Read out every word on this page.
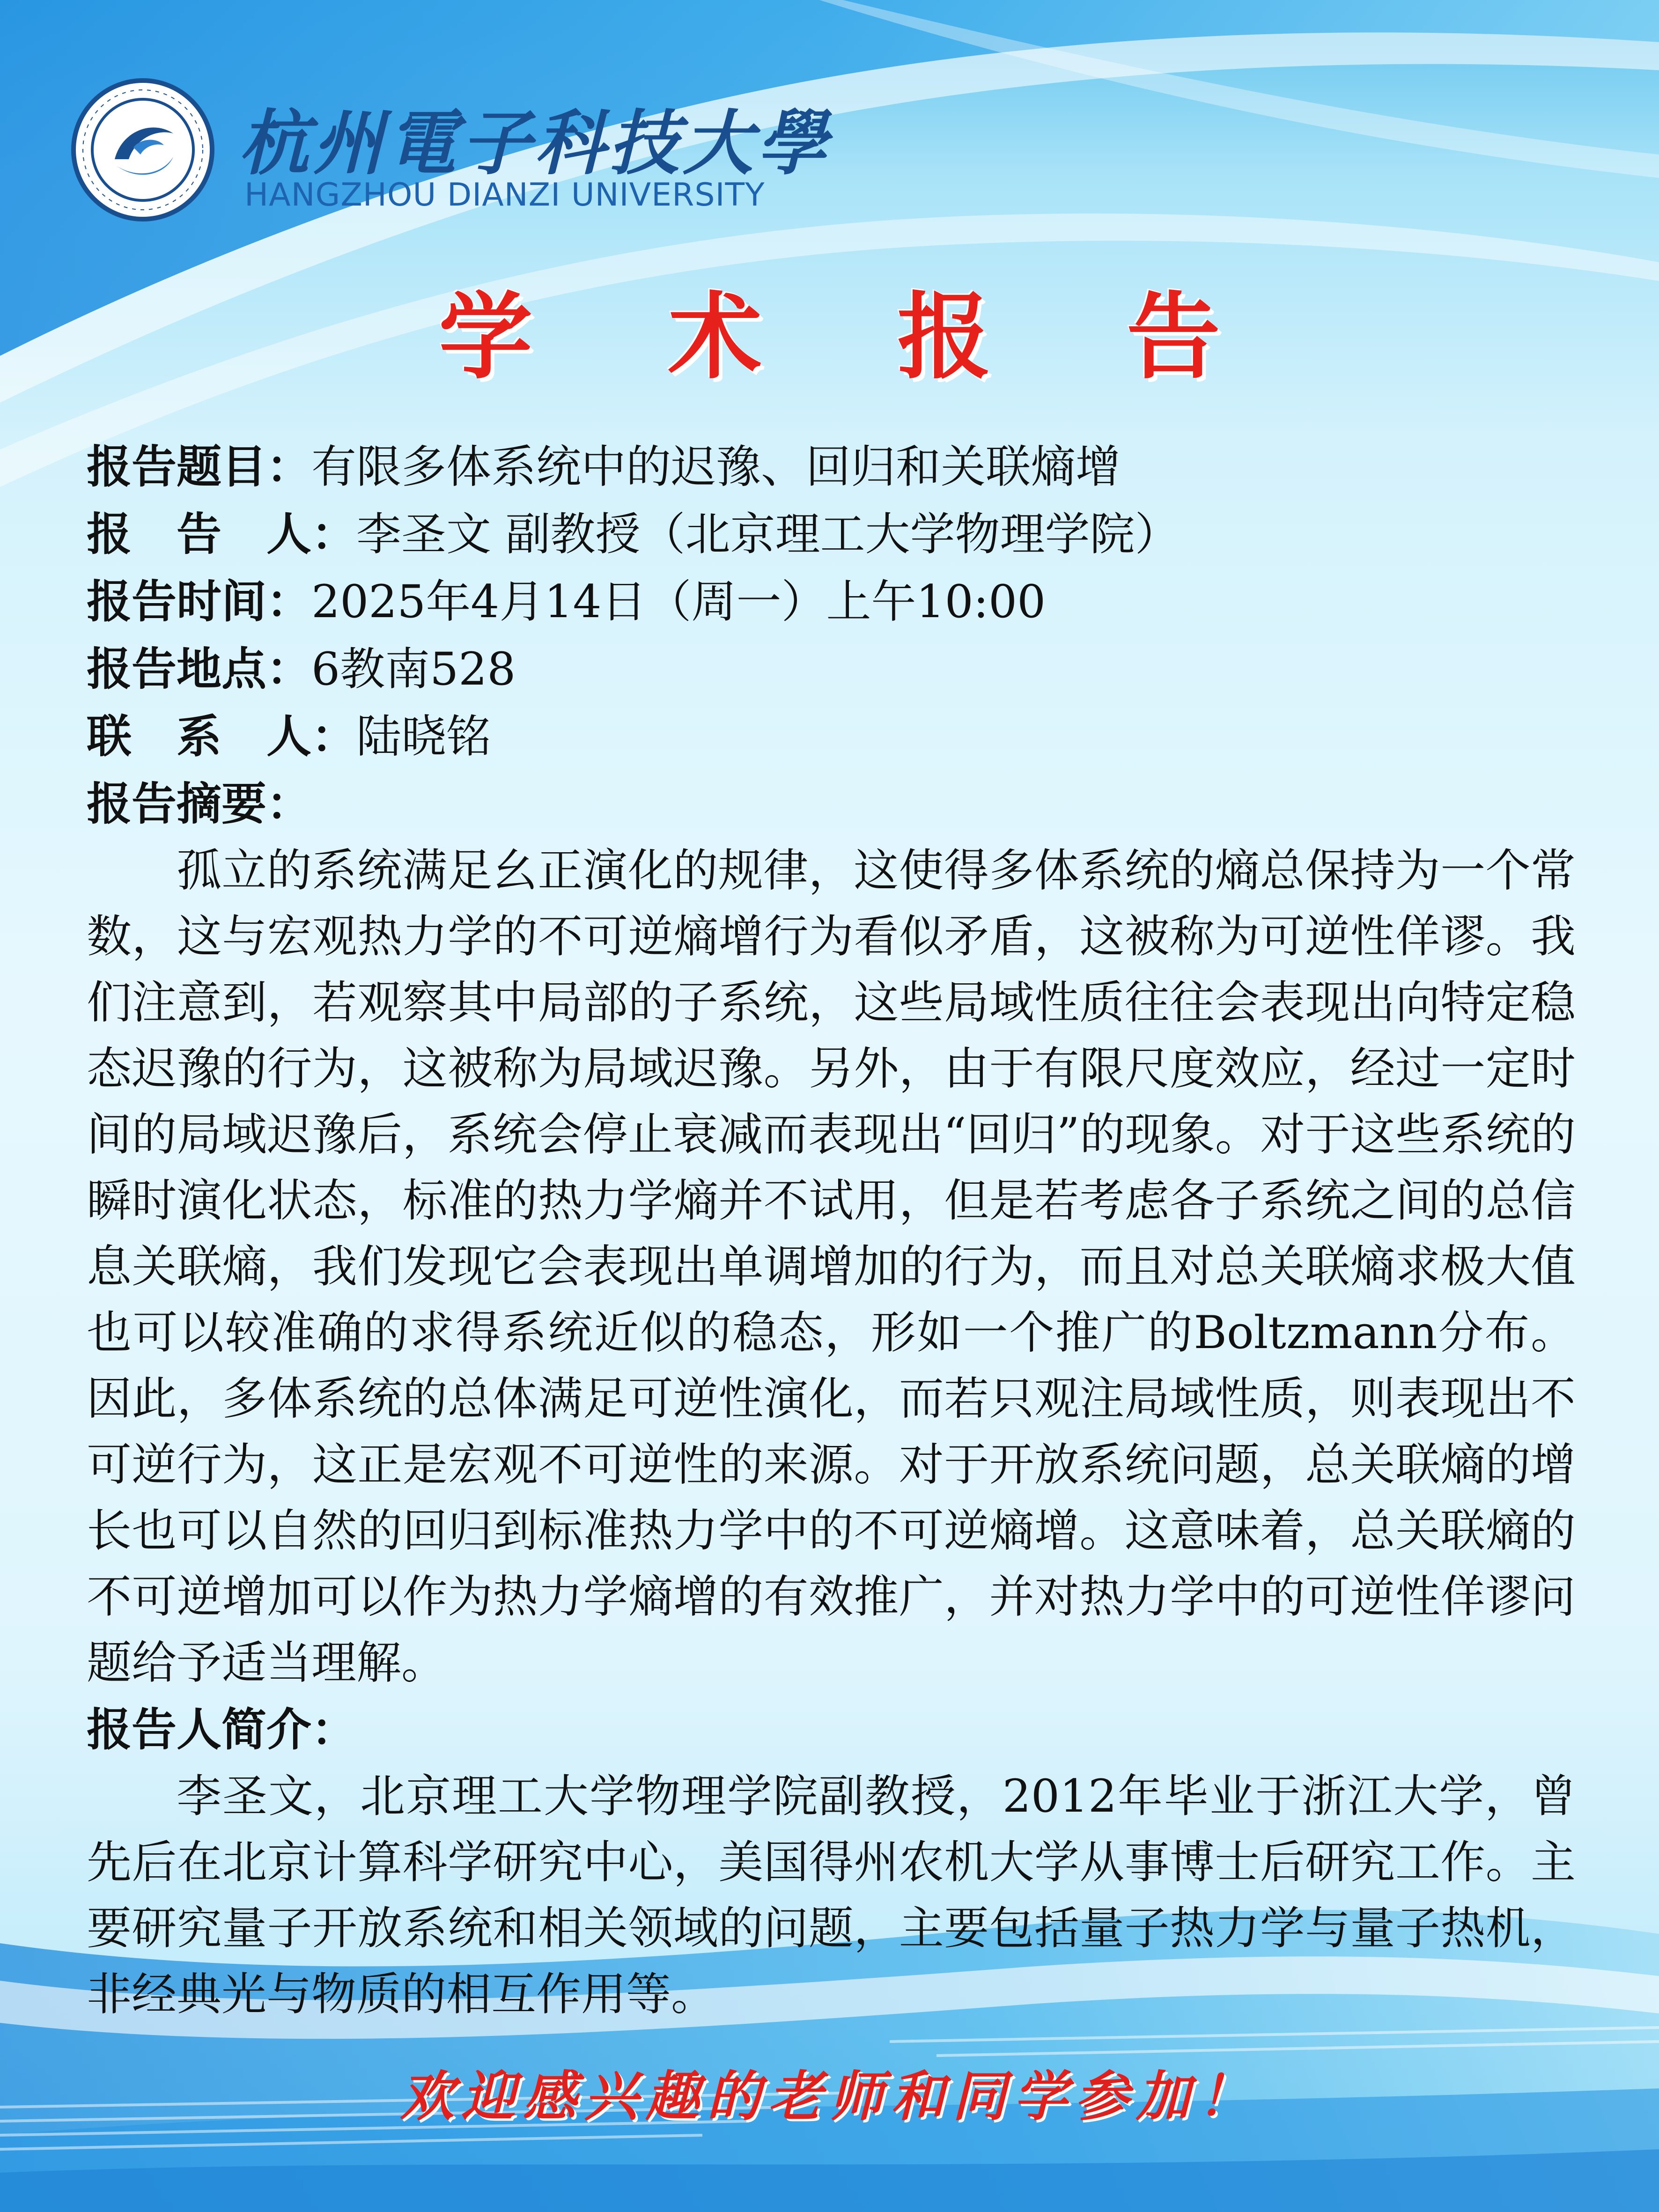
杭州電子科技大學
HANGZHOU DIANZI UNIVERSITY
学 术 报 告
报告题目：有限多体系统中的迟豫、回归和关联熵增
报　告　人：李圣文 副教授（北京理工大学物理学院）
报告时间：2025年4月14日（周一）上午10:00
报告地点：6教南528
联　系　人：陆晓铭
报告摘要：

孤立的系统满足幺正演化的规律，这使得多体系统的熵总保持为一个常数，这与宏观热力学的不可逆熵增行为看似矛盾，这被称为可逆性佯谬。我们注意到，若观察其中局部的子系统，这些局域性质往往会表现出向特定稳态迟豫的行为，这被称为局域迟豫。另外，由于有限尺度效应，经过一定时间的局域迟豫后，系统会停止衰减而表现出“回归”的现象。对于这些系统的瞬时演化状态，标准的热力学熵并不试用，但是若考虑各子系统之间的总信息关联熵，我们发现它会表现出单调增加的行为，而且对总关联熵求极大值也可以较准确的求得系统近似的稳态，形如一个推广的Boltzmann分布。因此，多体系统的总体满足可逆性演化，而若只观注局域性质，则表现出不可逆行为，这正是宏观不可逆性的来源。对于开放系统问题，总关联熵的增长也可以自然的回归到标准热力学中的不可逆熵增。这意味着，总关联熵的不可逆增加可以作为热力学熵增的有效推广，并对热力学中的可逆性佯谬问题给予适当理解。

报告人简介：

李圣文，北京理工大学物理学院副教授，2012年毕业于浙江大学，曾先后在北京计算科学研究中心，美国得州农机大学从事博士后研究工作。主要研究量子开放系统和相关领域的问题，主要包括量子热力学与量子热机，非经典光与物质的相互作用等。

欢迎感兴趣的老师和同学参加！
